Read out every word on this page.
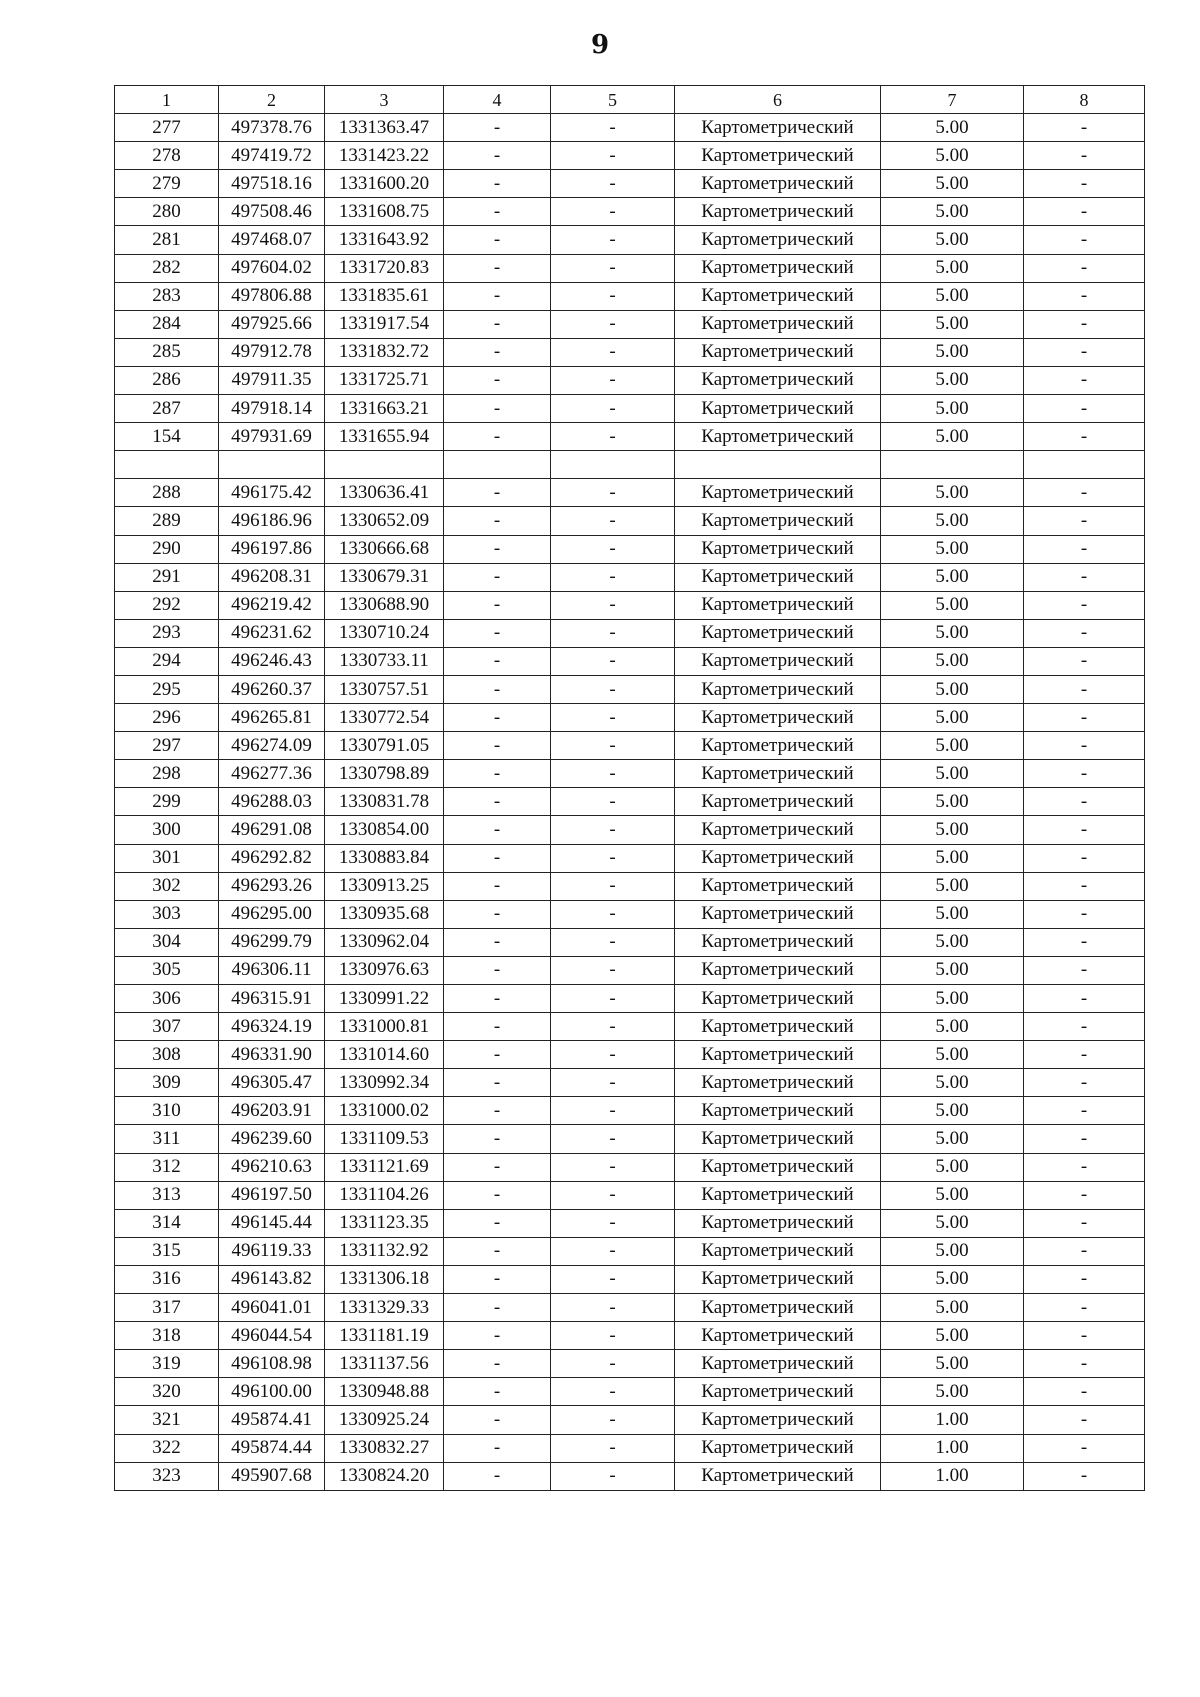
9
1	2	3	4	5	6	7	8
277	497378.76	1331363.47	-	-	Картометрический	5.00	-
278	497419.72	1331423.22	-	-	Картометрический	5.00	-
279	497518.16	1331600.20	-	-	Картометрический	5.00	-
280	497508.46	1331608.75	-	-	Картометрический	5.00	-
281	497468.07	1331643.92	-	-	Картометрический	5.00	-
282	497604.02	1331720.83	-	-	Картометрический	5.00	-
283	497806.88	1331835.61	-	-	Картометрический	5.00	-
284	497925.66	1331917.54	-	-	Картометрический	5.00	-
285	497912.78	1331832.72	-	-	Картометрический	5.00	-
286	497911.35	1331725.71	-	-	Картометрический	5.00	-
287	497918.14	1331663.21	-	-	Картометрический	5.00	-
154	497931.69	1331655.94	-	-	Картометрический	5.00	-

288	496175.42	1330636.41	-	-	Картометрический	5.00	-
289	496186.96	1330652.09	-	-	Картометрический	5.00	-
290	496197.86	1330666.68	-	-	Картометрический	5.00	-
291	496208.31	1330679.31	-	-	Картометрический	5.00	-
292	496219.42	1330688.90	-	-	Картометрический	5.00	-
293	496231.62	1330710.24	-	-	Картометрический	5.00	-
294	496246.43	1330733.11	-	-	Картометрический	5.00	-
295	496260.37	1330757.51	-	-	Картометрический	5.00	-
296	496265.81	1330772.54	-	-	Картометрический	5.00	-
297	496274.09	1330791.05	-	-	Картометрический	5.00	-
298	496277.36	1330798.89	-	-	Картометрический	5.00	-
299	496288.03	1330831.78	-	-	Картометрический	5.00	-
300	496291.08	1330854.00	-	-	Картометрический	5.00	-
301	496292.82	1330883.84	-	-	Картометрический	5.00	-
302	496293.26	1330913.25	-	-	Картометрический	5.00	-
303	496295.00	1330935.68	-	-	Картометрический	5.00	-
304	496299.79	1330962.04	-	-	Картометрический	5.00	-
305	496306.11	1330976.63	-	-	Картометрический	5.00	-
306	496315.91	1330991.22	-	-	Картометрический	5.00	-
307	496324.19	1331000.81	-	-	Картометрический	5.00	-
308	496331.90	1331014.60	-	-	Картометрический	5.00	-
309	496305.47	1330992.34	-	-	Картометрический	5.00	-
310	496203.91	1331000.02	-	-	Картометрический	5.00	-
311	496239.60	1331109.53	-	-	Картометрический	5.00	-
312	496210.63	1331121.69	-	-	Картометрический	5.00	-
313	496197.50	1331104.26	-	-	Картометрический	5.00	-
314	496145.44	1331123.35	-	-	Картометрический	5.00	-
315	496119.33	1331132.92	-	-	Картометрический	5.00	-
316	496143.82	1331306.18	-	-	Картометрический	5.00	-
317	496041.01	1331329.33	-	-	Картометрический	5.00	-
318	496044.54	1331181.19	-	-	Картометрический	5.00	-
319	496108.98	1331137.56	-	-	Картометрический	5.00	-
320	496100.00	1330948.88	-	-	Картометрический	5.00	-
321	495874.41	1330925.24	-	-	Картометрический	1.00	-
322	495874.44	1330832.27	-	-	Картометрический	1.00	-
323	495907.68	1330824.20	-	-	Картометрический	1.00	-
